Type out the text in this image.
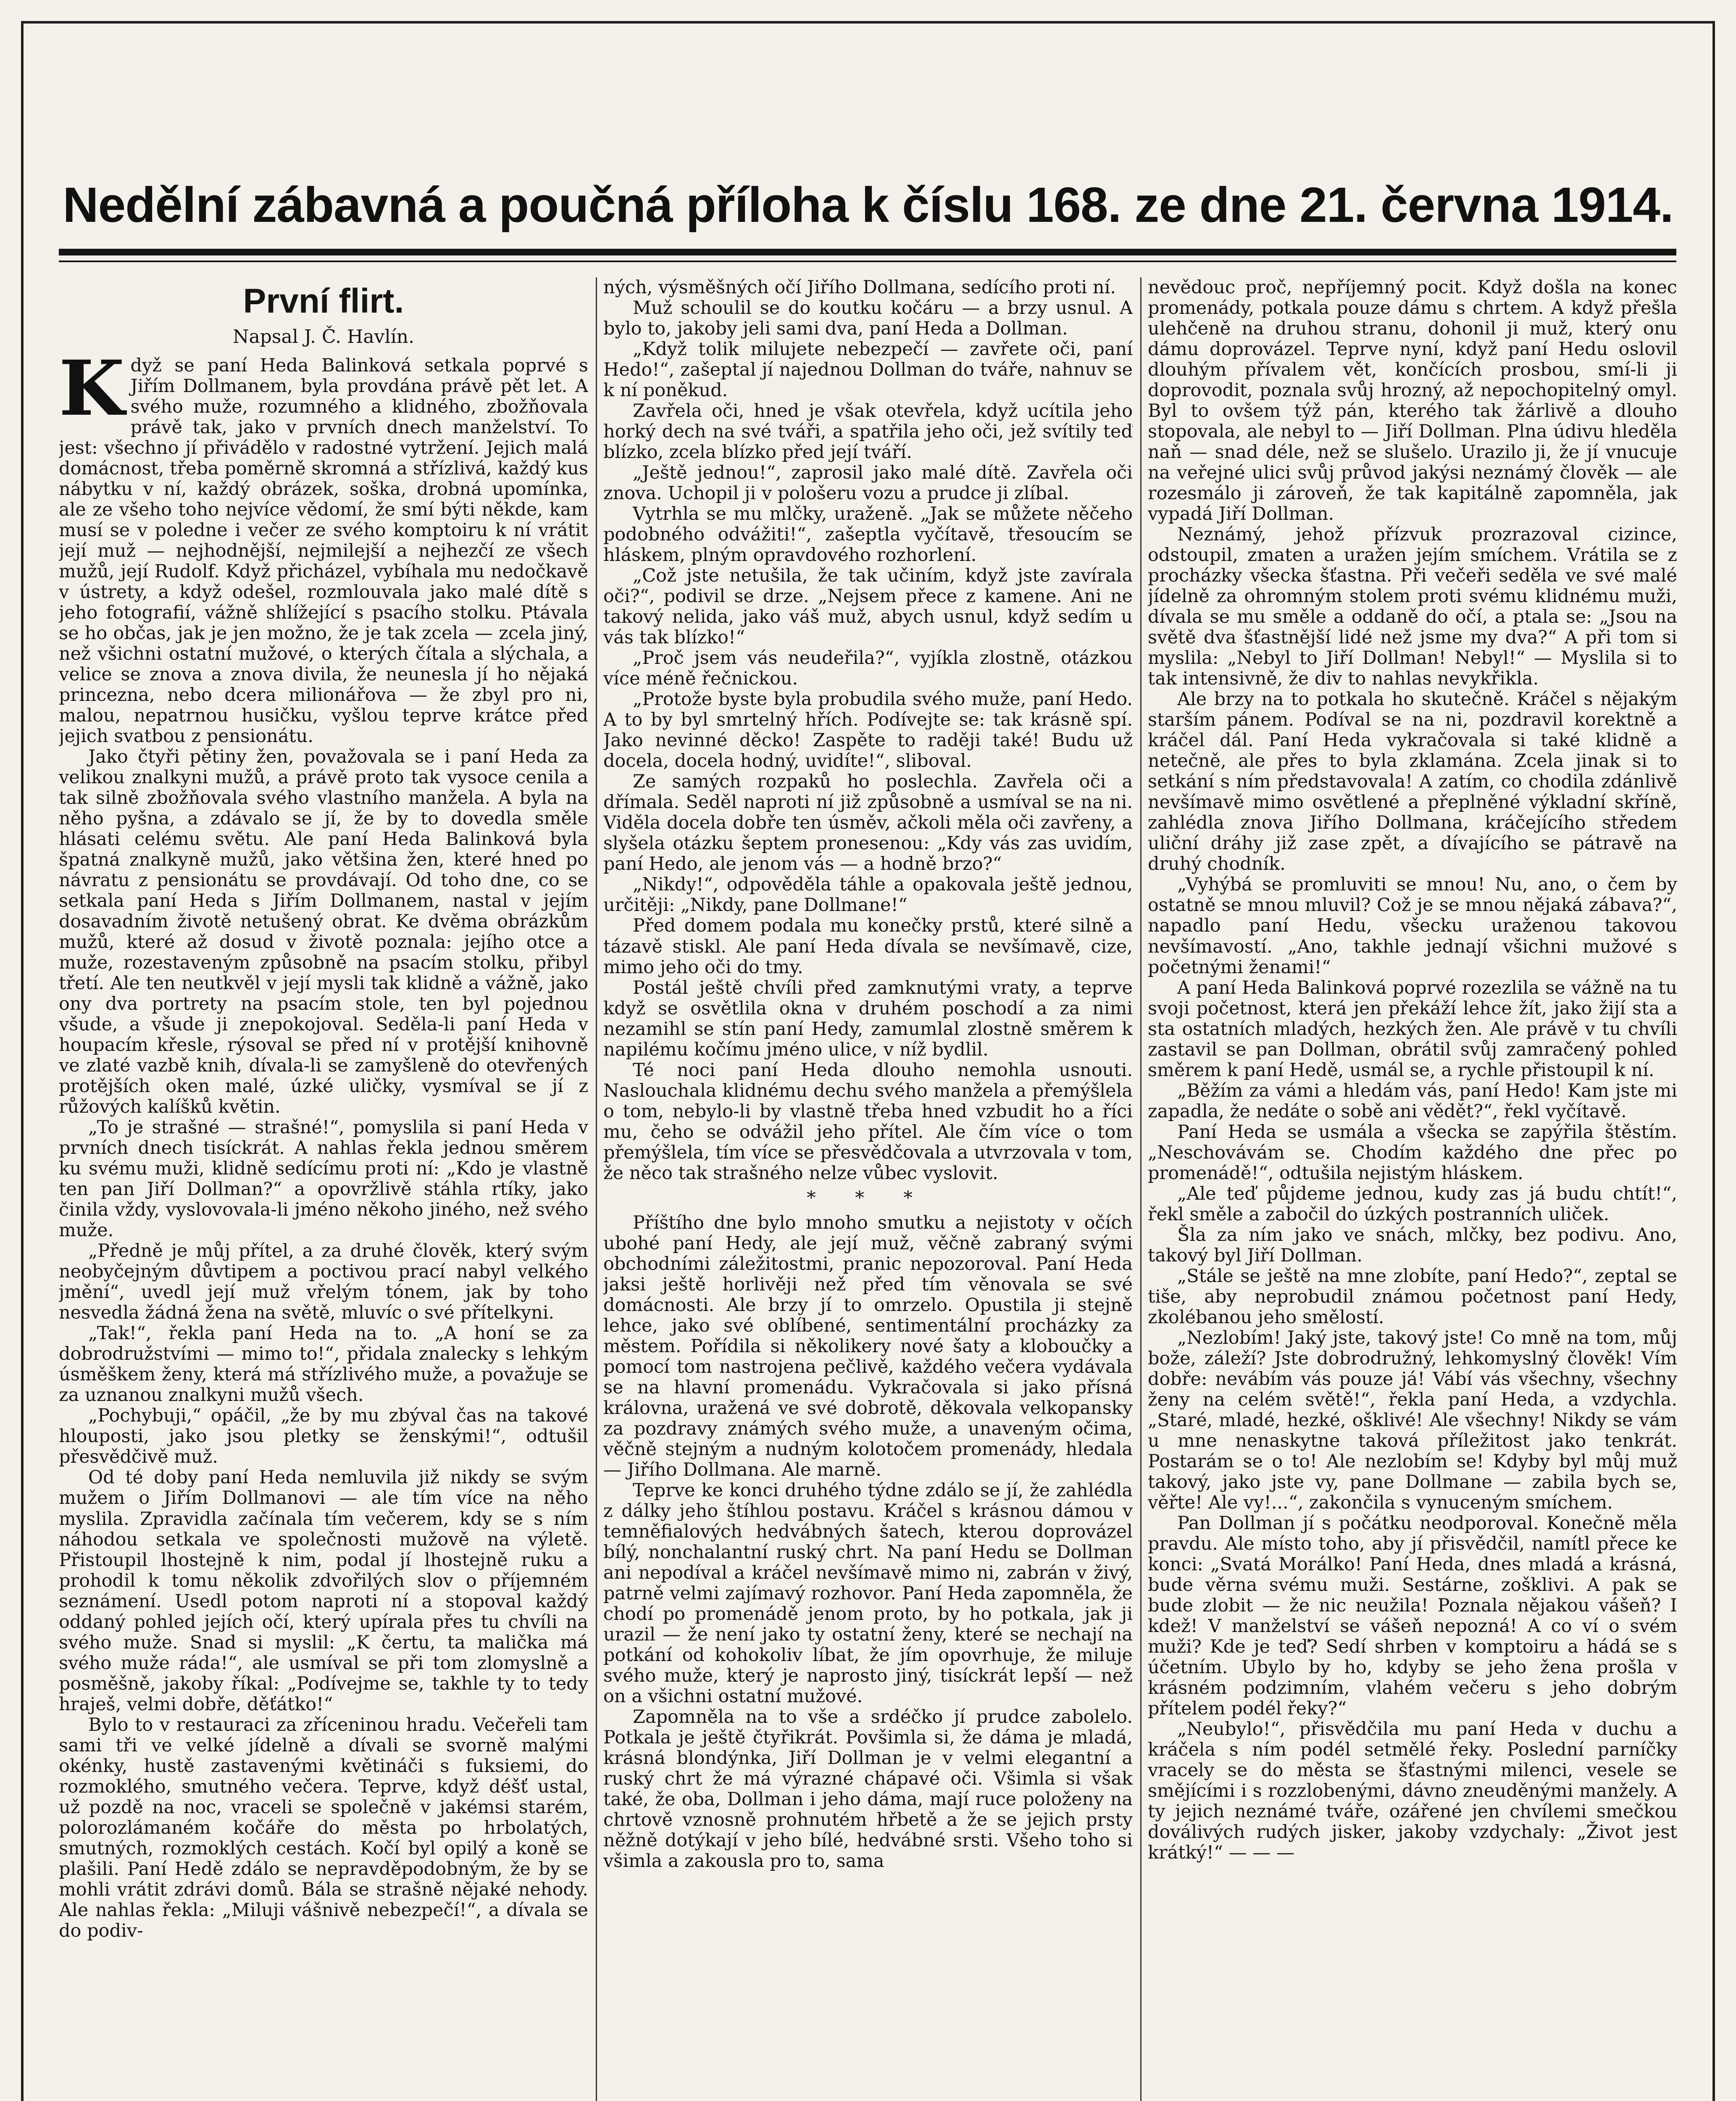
Nedělní zábavná a poučná příloha k číslu 168. ze dne 21. června 1914.
První flirt.
Napsal J. Č. Havlín.
K dyž se paní Heda Balinková setkala poprvé s Jiřím Dollmanem, byla provdána právě pět let. A svého muže, rozumného a klidného, zbožňovala právě tak, jako v prvních dnech manželství. To jest: všechno jí přivádělo v radostné vytržení. Jejich malá domácnost, třeba poměrně skromná a střízlivá, každý kus nábytku v ní, každý obrázek, soška, drobná upomínka, ale ze všeho toho nejvíce vědomí, že smí býti někde, kam musí se v poledne i večer ze svého komptoiru k ní vrátit její muž — nejhodnější, nejmilejší a nejhezčí ze všech mužů, její Rudolf. Když přicházel, vybíhala mu nedočkavě v ústrety, a když odešel, rozmlouvala jako malé dítě s jeho fotografií, vážně shlížející s psacího stolku. Ptávala se ho občas, jak je jen možno, že je tak zcela — zcela jiný, než všichni ostatní mužové, o kterých čítala a slýchala, a velice se znova a znova divila, že neunesla jí ho nějaká princezna, nebo dcera milionářova — že zbyl pro ni, malou, nepatrnou husičku, vyšlou teprve krátce před jejich svatbou z pensionátu.

Jako čtyři pětiny žen, považovala se i paní Heda za velikou znalkyni mužů, a právě proto tak vysoce cenila a tak silně zbožňovala svého vlastního manžela. A byla na něho pyšna, a zdávalo se jí, že by to dovedla směle hlásati celému světu. Ale paní Heda Balinková byla špatná znalkyně mužů, jako většina žen, které hned po návratu z pensionátu se provdávají. Od toho dne, co se setkala paní Heda s Jiřím Dollmanem, nastal v jejím dosavadním životě netušený obrat. Ke dvěma obrázkům mužů, které až dosud v životě poznala: jejího otce a muže, rozestaveným způsobně na psacím stolku, přibyl třetí. Ale ten neutkvěl v její mysli tak klidně a vážně, jako ony dva portrety na psacím stole, ten byl pojednou všude, a všude ji znepokojoval. Seděla-li paní Heda v houpacím křesle, rýsoval se před ní v protější knihovně ve zlaté vazbě knih, dívala-li se zamyšleně do otevřených protějších oken malé, úzké uličky, vysmíval se jí z růžových kalíšků květin.

„To je strašné — strašné!“, pomyslila si paní Heda v prvních dnech tisíckrát. A nahlas řekla jednou směrem ku svému muži, klidně sedícímu proti ní: „Kdo je vlastně ten pan Jiří Dollman?“ a opovržlivě stáhla rtíky, jako činila vždy, vyslovovala-li jméno někoho jiného, než svého muže.

„Předně je můj přítel, a za druhé člověk, který svým neobyčejným důvtipem a poctivou prací nabyl velkého jmění“, uvedl její muž vřelým tónem, jak by toho nesvedla žádná žena na světě, mluvíc o své přítelkyni.

„Tak!“, řekla paní Heda na to. „A honí se za dobrodružstvími — mimo to!“, přidala znalecky s lehkým úsměškem ženy, která má střízlivého muže, a považuje se za uznanou znalkyni mužů všech.

„Pochybuji,“ opáčil, „že by mu zbýval čas na takové hlouposti, jako jsou pletky se ženskými!“, odtušil přesvědčivě muž.

Od té doby paní Heda nemluvila již nikdy se svým mužem o Jiřím Dollmanovi — ale tím více na něho myslila. Zpravidla začínala tím večerem, kdy se s ním náhodou setkala ve společnosti mužově na výletě. Přistoupil lhostejně k nim, podal jí lhostejně ruku a prohodil k tomu několik zdvořilých slov o příjemném seznámení. Usedl potom naproti ní a stopoval každý oddaný pohled jejích očí, který upírala přes tu chvíli na svého muže. Snad si myslil: „K čertu, ta malička má svého muže ráda!“, ale usmíval se při tom zlomyslně a posměšně, jakoby říkal: „Podívejme se, takhle ty to tedy hraješ, velmi dobře, děťátko!“

Bylo to v restauraci za zříceninou hradu. Večeřeli tam sami tři ve velké jídelně a dívali se svorně malými okénky, hustě zastavenými květináči s fuksiemi, do rozmoklého, smutného večera. Teprve, když déšť ustal, už pozdě na noc, vraceli se společně v jakémsi starém, polorozlámaném kočáře do města po hrbolatých, smutných, rozmoklých cestách. Kočí byl opilý a koně se plašili. Paní Hedě zdálo se nepravděpodobným, že by se mohli vrátit zdrávi domů. Bála se strašně nějaké nehody. Ale nahlas řekla: „Miluji vášnivě nebezpečí!“, a dívala se do podiv-

ných, výsměšných očí Jiřího Dollmana, sedícího proti ní.

Muž schoulil se do koutku kočáru — a brzy usnul. A bylo to, jakoby jeli sami dva, paní Heda a Dollman.

„Když tolik milujete nebezpečí — zavřete oči, paní Hedo!“, zašeptal jí najednou Dollman do tváře, nahnuv se k ní poněkud.

Zavřela oči, hned je však otevřela, když ucítila jeho horký dech na své tváři, a spatřila jeho oči, jež svítily teď blízko, zcela blízko před její tváří.

„Ještě jednou!“, zaprosil jako malé dítě. Zavřela oči znova. Uchopil ji v pološeru vozu a prudce ji zlíbal.

Vytrhla se mu mlčky, uraženě. „Jak se můžete něčeho podobného odvážiti!“, zašeptla vyčítavě, třesoucím se hláskem, plným opravdového rozhorlení.

„Což jste netušila, že tak učiním, když jste zavírala oči?“, podivil se drze. „Nejsem přece z kamene. Ani ne takový nelida, jako váš muž, abych usnul, když sedím u vás tak blízko!“

„Proč jsem vás neudeřila?“, vyjíkla zlostně, otázkou více méně řečnickou.

„Protože byste byla probudila svého muže, paní Hedo. A to by byl smrtelný hřích. Podívejte se: tak krásně spí. Jako nevinné děcko! Zaspěte to raději také! Budu už docela, docela hodný, uvidíte!“, sliboval.

Ze samých rozpaků ho poslechla. Zavřela oči a dřímala. Seděl naproti ní již způsobně a usmíval se na ni. Viděla docela dobře ten úsměv, ačkoli měla oči zavřeny, a slyšela otázku šeptem pronesenou: „Kdy vás zas uvidím, paní Hedo, ale jenom vás — a hodně brzo?“

„Nikdy!“, odpověděla táhle a opakovala ještě jednou, určitěji: „Nikdy, pane Dollmane!“

Před domem podala mu konečky prstů, které silně a tázavě stiskl. Ale paní Heda dívala se nevšímavě, cize, mimo jeho oči do tmy.

Postál ještě chvíli před zamknutými vraty, a teprve když se osvětlila okna v druhém poschodí a za nimi nezamihl se stín paní Hedy, zamumlal zlostně směrem k napilému kočímu jméno ulice, v níž bydlil.

Té noci paní Heda dlouho nemohla usnouti. Naslouchala klidnému dechu svého manžela a přemýšlela o tom, nebylo-li by vlastně třeba hned vzbudit ho a říci mu, čeho se odvážil jeho přítel. Ale čím více o tom přemýšlela, tím více se přesvědčovala a utvrzovala v tom, že něco tak strašného nelze vůbec vyslovit.

* * *

Příštího dne bylo mnoho smutku a nejistoty v očích ubohé paní Hedy, ale její muž, věčně zabraný svými obchodními záležitostmi, pranic nepozoroval. Paní Heda jaksi ještě horlivěji než před tím věnovala se své domácnosti. Ale brzy jí to omrzelo. Opustila ji stejně lehce, jako své oblíbené, sentimentální procházky za městem. Pořídila si několikery nové šaty a kloboučky a pomocí tom nastrojena pečlivě, každého večera vydávala se na hlavní promenádu. Vykračovala si jako přísná královna, uražená ve své dobrotě, děkovala velkopansky za pozdravy známých svého muže, a unaveným očima, věčně stejným a nudným kolotočem promenády, hledala — Jiřího Dollmana. Ale marně.

Teprve ke konci druhého týdne zdálo se jí, že zahlédla z dálky jeho štíhlou postavu. Kráčel s krásnou dámou v temněfialových hedvábných šatech, kterou doprovázel bílý, nonchalantní ruský chrt. Na paní Hedu se Dollman ani nepodíval a kráčel nevšímavě mimo ni, zabrán v živý, patrně velmi zajímavý rozhovor. Paní Heda zapomněla, že chodí po promenádě jenom proto, by ho potkala, jak ji urazil — že není jako ty ostatní ženy, které se nechají na potkání od kohokoliv líbat, že jím opovrhuje, že miluje svého muže, který je naprosto jiný, tisíckrát lepší — než on a všichni ostatní mužové.

Zapomněla na to vše a srdéčko jí prudce zabolelo. Potkala je ještě čtyřikrát. Povšimla si, že dáma je mladá, krásná blondýnka, Jiří Dollman je v velmi elegantní a ruský chrt že má výrazné chápavé oči. Všimla si však také, že oba, Dollman i jeho dáma, mají ruce položeny na chrtově vznosně prohnutém hřbetě a že se jejich prsty něžně dotýkají v jeho bílé, hedvábné srsti. Všeho toho si všimla a zakousla pro to, sama

nevědouc proč, nepříjemný pocit. Když došla na konec promenády, potkala pouze dámu s chrtem. A když přešla ulehčeně na druhou stranu, dohonil ji muž, který onu dámu doprovázel. Teprve nyní, když paní Hedu oslovil dlouhým přívalem vět, končících prosbou, smí-li ji doprovodit, poznala svůj hrozný, až nepochopitelný omyl. Byl to ovšem týž pán, kterého tak žárlivě a dlouho stopovala, ale nebyl to — Jiří Dollman. Plna údivu hleděla naň — snad déle, než se slušelo. Urazilo ji, že jí vnucuje na veřejné ulici svůj průvod jakýsi neznámý člověk — ale rozesmálo ji zároveň, že tak kapitálně zapomněla, jak vypadá Jiří Dollman.

Neznámý, jehož přízvuk prozrazoval cizince, odstoupil, zmaten a uražen jejím smíchem. Vrátila se z procházky všecka šťastna. Při večeři seděla ve své malé jídelně za ohromným stolem proti svému klidnému muži, dívala se mu směle a oddaně do očí, a ptala se: „Jsou na světě dva šťastnější lidé než jsme my dva?“ A při tom si myslila: „Nebyl to Jiří Dollman! Nebyl!“ — Myslila si to tak intensivně, že div to nahlas nevykřikla.

Ale brzy na to potkala ho skutečně. Kráčel s nějakým starším pánem. Podíval se na ni, pozdravil korektně a kráčel dál. Paní Heda vykračovala si také klidně a netečně, ale přes to byla zklamána. Zcela jinak si to setkání s ním představovala! A zatím, co chodila zdánlivě nevšímavě mimo osvětlené a přeplněné výkladní skříně, zahlédla znova Jiřího Dollmana, kráčejícího středem uliční dráhy již zase zpět, a dívajícího se pátravě na druhý chodník.

„Vyhýbá se promluviti se mnou! Nu, ano, o čem by ostatně se mnou mluvil? Což je se mnou nějaká zábava?“, napadlo paní Hedu, všecku uraženou takovou nevšímavostí. „Ano, takhle jednají všichni mužové s početnými ženami!“

A paní Heda Balinková poprvé rozezlila se vážně na tu svoji početnost, která jen překáží lehce žít, jako žijí sta a sta ostatních mladých, hezkých žen. Ale právě v tu chvíli zastavil se pan Dollman, obrátil svůj zamračený pohled směrem k paní Hedě, usmál se, a rychle přistoupil k ní.

„Běžím za vámi a hledám vás, paní Hedo! Kam jste mi zapadla, že nedáte o sobě ani vědět?“, řekl vyčítavě.

Paní Heda se usmála a všecka se zapýřila štěstím. „Neschovávám se. Chodím každého dne přec po promenádě!“, odtušila nejistým hláskem.

„Ale teď půjdeme jednou, kudy zas já budu chtít!“, řekl směle a zabočil do úzkých postranních uliček.

Šla za ním jako ve snách, mlčky, bez podivu. Ano, takový byl Jiří Dollman.

„Stále se ještě na mne zlobíte, paní Hedo?“, zeptal se tiše, aby neprobudil známou početnost paní Hedy, zkolébanou jeho smělostí.

„Nezlobím! Jaký jste, takový jste! Co mně na tom, můj bože, záleží? Jste dobrodružný, lehkomyslný člověk! Vím dobře: nevábím vás pouze já! Vábí vás všechny, všechny ženy na celém světě!“, řekla paní Heda, a vzdychla. „Staré, mladé, hezké, ošklivé! Ale všechny! Nikdy se vám u mne nenaskytne taková příležitost jako tenkrát. Postarám se o to! Ale nezlobím se! Kdyby byl můj muž takový, jako jste vy, pane Dollmane — zabila bych se, věřte! Ale vy!...“, zakončila s vynuceným smíchem.

Pan Dollman jí s počátku neodporoval. Konečně měla pravdu. Ale místo toho, aby jí přisvědčil, namítl přece ke konci: „Svatá Morálko! Paní Heda, dnes mladá a krásná, bude věrna svému muži. Sestárne, zošklivi. A pak se bude zlobit — že nic neužila! Poznala nějakou vášeň? I kdež! V manželství se vášeň nepozná! A co ví o svém muži? Kde je teď? Sedí shrben v komptoiru a hádá se s účetním. Ubylo by ho, kdyby se jeho žena prošla v krásném podzimním, vlahém večeru s jeho dobrým přítelem podél řeky?“

„Neubylo!“, přisvědčila mu paní Heda v duchu a kráčela s ním podél setmělé řeky. Poslední parníčky vracely se do města se šťastnými milenci, vesele se smějícími i s rozzlobenými, dávno zneuděnými manžely. A ty jejich neznámé tváře, ozářené jen chvílemi smečkou doválivých rudých jisker, jakoby vzdychaly: „Život jest krátký!“ — — —
